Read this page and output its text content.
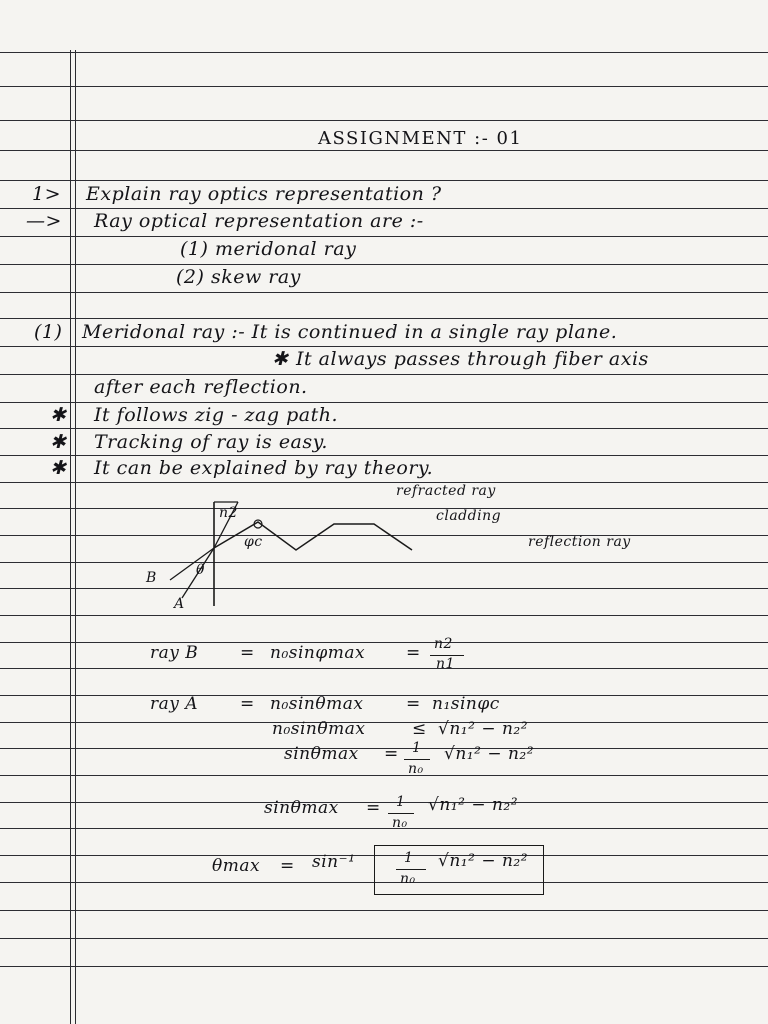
ASSIGNMENT :- 01
1> Explain ray optics representation ?
—> Ray optical representation are :-
(1) meridonal ray
(2) skew ray
(1) Meridonal ray :- It is continued in a single ray plane.
✱ It always passes through fiber axis
after each reflection.
✱ It follows zig - zag path.
✱ Tracking of ray is easy.
✱ It can be explained by ray theory.
n2
φc
θ
B
A
refracted ray
cladding
reflection ray
ray B = n₀sinφmax = n2
n1
ray A = n₀sinθmax	= n₁sinφc
n₀sinθmax	≤ √n₁² − n₂²
sinθmax = 1
n₀
√n₁² − n₂²
sinθmax = 1
n₀
√n₁² − n₂²
θmax = sin⁻¹	1
n₀
√n₁² − n₂²
